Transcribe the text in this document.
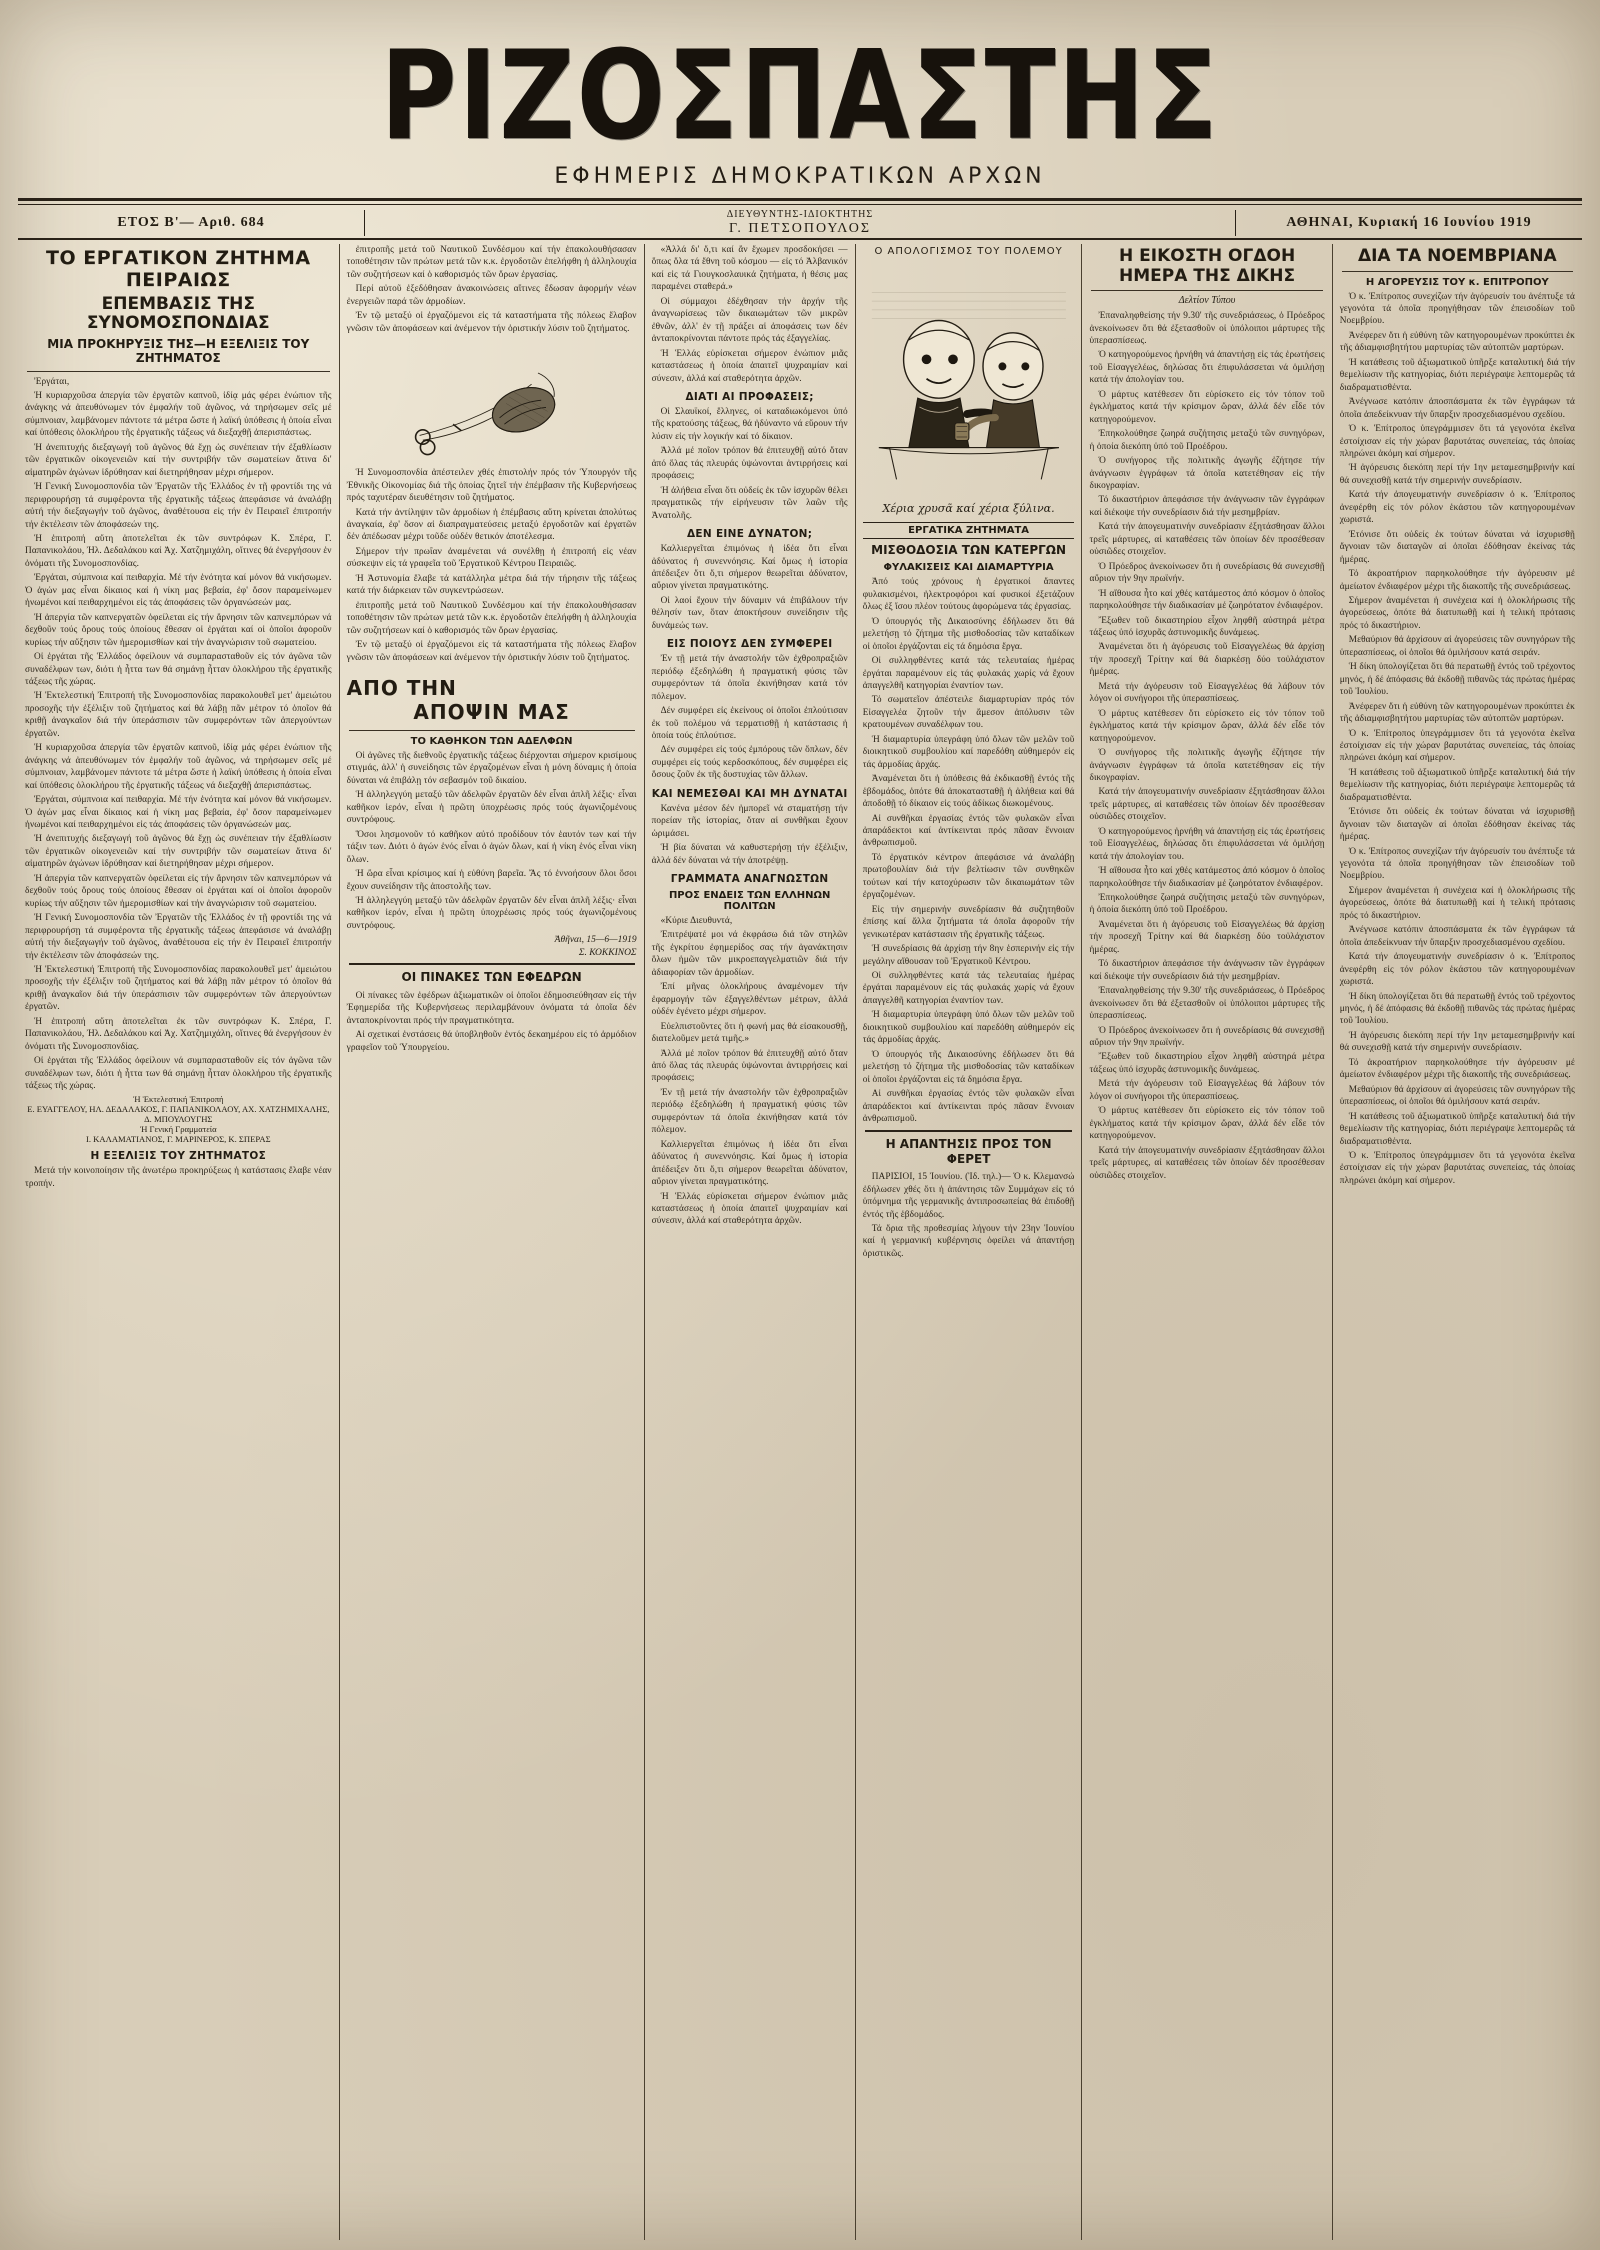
ΡΙΖΟΣΠΑΣΤΗΣ
ΕΦΗΜΕΡΙΣ ΔΗΜΟΚΡΑΤΙΚΩΝ ΑΡΧΩΝ
ΕΤΟΣ Β'— Αριθ. 684
ΔΙΕΥΘΥΝΤΗΣ-ΙΔΙΟΚΤΗΤΗΣ
Γ. ΠΕΤΣΟΠΟΥΛΟΣ	ΑΘΗΝΑΙ, Κυριακή 16 Ιουνίου 1919
ΤΟ ΕΡΓΑΤΙΚΟΝ ΖΗΤΗΜΑ ΠΕΙΡΑΙΩΣ
ΕΠΕΜΒΑΣΙΣ ΤΗΣ ΣΥΝΟΜΟΣΠΟΝΔΙΑΣ
ΜΙΑ ΠΡΟΚΗΡΥΞΙΣ ΤΗΣ—Η ΕΞΕΛΙΞΙΣ ΤΟΥ ΖΗΤΗΜΑΤΟΣ

'Εργάται,

Ἡ κυριαρχοῦσα ἀπεργία τῶν ἐργατῶν καπνοῦ, ἰδίᾳ μάς φέρει ἐνώπιον τῆς ἀνάγκης νά ἀπευθύνωμεν τόν ἐμφαλήν τοῦ ἀγῶνος, νά τηρήσωμεν σεῖς μέ σύμπνοιαν, λαμβάνομεν πάντοτε τά μέτρα ὥστε ἡ λαϊκή ὑπόθεσις ἡ ὁποία εἶναι καί ὑπόθεσις ὁλοκλήρου τῆς ἐργατικῆς τάξεως νά διεξαχθῇ ἀπερισπάστως.

Ἡ ἀνεπιτυχής διεξαγωγή τοῦ ἀγῶνος θά ἔχῃ ὡς συνέπειαν τήν ἐξαθλίωσιν τῶν ἐργατικῶν οἰκογενειῶν καί τήν συντριβήν τῶν σωματείων ἅτινα δι' αἱματηρῶν ἀγώνων ἱδρύθησαν καί διετηρήθησαν μέχρι σήμερον.

Ἡ Γενική Συνομοσπονδία τῶν Ἐργατῶν τῆς Ἑλλάδος ἐν τῇ φροντίδι της νά περιφρουρήσῃ τά συμφέροντα τῆς ἐργατικῆς τάξεως ἀπεφάσισε νά ἀναλάβῃ αὐτή τήν διεξαγωγήν τοῦ ἀγῶνος, ἀναθέτουσα εἰς τήν ἐν Πειραιεῖ ἐπιτροπήν τήν ἐκτέλεσιν τῶν ἀποφάσεών της.

Ἡ ἐπιτροπή αὕτη ἀποτελεῖται ἐκ τῶν συντρόφων Κ. Σπέρα, Γ. Παπανικολάου, Ἠλ. Δεδαλάκου καί Ἀχ. Χατζημιχάλη, οἵτινες θά ἐνεργήσουν ἐν ὀνόματι τῆς Συνομοσπονδίας.

Ἐργάται, σύμπνοια καί πειθαρχία. Μέ τήν ἑνότητα καί μόνον θά νικήσωμεν. Ὁ ἀγών μας εἶναι δίκαιος καί ἡ νίκη μας βεβαία, ἐφ' ὅσον παραμείνωμεν ἡνωμένοι καί πειθαρχημένοι εἰς τάς ἀποφάσεις τῶν ὀργανώσεών μας.

Ἡ ἀπεργία τῶν καπνεργατῶν ὀφείλεται εἰς τήν ἄρνησιν τῶν καπνεμπόρων νά δεχθοῦν τούς ὅρους τούς ὁποίους ἔθεσαν οἱ ἐργάται καί οἱ ὁποῖοι ἀφοροῦν κυρίως τήν αὔξησιν τῶν ἡμερομισθίων καί τήν ἀναγνώρισιν τοῦ σωματείου.

Οἱ ἐργάται τῆς Ἑλλάδος ὀφείλουν νά συμπαρασταθοῦν εἰς τόν ἀγῶνα τῶν συναδέλφων των, διότι ἡ ἧττα των θά σημάνῃ ἧτταν ὁλοκλήρου τῆς ἐργατικῆς τάξεως τῆς χώρας.

Ἡ Ἐκτελεστική Ἐπιτροπή τῆς Συνομοσπονδίας παρακολουθεῖ μετ' ἀμειώτου προσοχῆς τήν ἐξέλιξιν τοῦ ζητήματος καί θά λάβῃ πᾶν μέτρον τό ὁποῖον θά κριθῇ ἀναγκαῖον διά τήν ὑπεράσπισιν τῶν συμφερόντων τῶν ἀπεργούντων ἐργατῶν.

Ἡ κυριαρχοῦσα ἀπεργία τῶν ἐργατῶν καπνοῦ, ἰδίᾳ μάς φέρει ἐνώπιον τῆς ἀνάγκης νά ἀπευθύνωμεν τόν ἐμφαλήν τοῦ ἀγῶνος, νά τηρήσωμεν σεῖς μέ σύμπνοιαν, λαμβάνομεν πάντοτε τά μέτρα ὥστε ἡ λαϊκή ὑπόθεσις ἡ ὁποία εἶναι καί ὑπόθεσις ὁλοκλήρου τῆς ἐργατικῆς τάξεως νά διεξαχθῇ ἀπερισπάστως.

Ἐργάται, σύμπνοια καί πειθαρχία. Μέ τήν ἑνότητα καί μόνον θά νικήσωμεν. Ὁ ἀγών μας εἶναι δίκαιος καί ἡ νίκη μας βεβαία, ἐφ' ὅσον παραμείνωμεν ἡνωμένοι καί πειθαρχημένοι εἰς τάς ἀποφάσεις τῶν ὀργανώσεών μας.

Ἡ ἀνεπιτυχής διεξαγωγή τοῦ ἀγῶνος θά ἔχῃ ὡς συνέπειαν τήν ἐξαθλίωσιν τῶν ἐργατικῶν οἰκογενειῶν καί τήν συντριβήν τῶν σωματείων ἅτινα δι' αἱματηρῶν ἀγώνων ἱδρύθησαν καί διετηρήθησαν μέχρι σήμερον.

Ἡ ἀπεργία τῶν καπνεργατῶν ὀφείλεται εἰς τήν ἄρνησιν τῶν καπνεμπόρων νά δεχθοῦν τούς ὅρους τούς ὁποίους ἔθεσαν οἱ ἐργάται καί οἱ ὁποῖοι ἀφοροῦν κυρίως τήν αὔξησιν τῶν ἡμερομισθίων καί τήν ἀναγνώρισιν τοῦ σωματείου.

Ἡ Γενική Συνομοσπονδία τῶν Ἐργατῶν τῆς Ἑλλάδος ἐν τῇ φροντίδι της νά περιφρουρήσῃ τά συμφέροντα τῆς ἐργατικῆς τάξεως ἀπεφάσισε νά ἀναλάβῃ αὐτή τήν διεξαγωγήν τοῦ ἀγῶνος, ἀναθέτουσα εἰς τήν ἐν Πειραιεῖ ἐπιτροπήν τήν ἐκτέλεσιν τῶν ἀποφάσεών της.

Ἡ Ἐκτελεστική Ἐπιτροπή τῆς Συνομοσπονδίας παρακολουθεῖ μετ' ἀμειώτου προσοχῆς τήν ἐξέλιξιν τοῦ ζητήματος καί θά λάβῃ πᾶν μέτρον τό ὁποῖον θά κριθῇ ἀναγκαῖον διά τήν ὑπεράσπισιν τῶν συμφερόντων τῶν ἀπεργούντων ἐργατῶν.

Ἡ ἐπιτροπή αὕτη ἀποτελεῖται ἐκ τῶν συντρόφων Κ. Σπέρα, Γ. Παπανικολάου, Ἠλ. Δεδαλάκου καί Ἀχ. Χατζημιχάλη, οἵτινες θά ἐνεργήσουν ἐν ὀνόματι τῆς Συνομοσπονδίας.

Οἱ ἐργάται τῆς Ἑλλάδος ὀφείλουν νά συμπαρασταθοῦν εἰς τόν ἀγῶνα τῶν συναδέλφων των, διότι ἡ ἧττα των θά σημάνῃ ἧτταν ὁλοκλήρου τῆς ἐργατικῆς τάξεως τῆς χώρας.

Ἡ Ἐκτελεστική Ἐπιτροπή
Ε. ΕΥΑΓΓΕΛΟΥ, ΗΛ. ΔΕΔΑΛΑΚΟΣ, Γ. ΠΑΠΑΝΙΚΟΛΑΟΥ, ΑΧ. ΧΑΤΖΗΜΙΧΑΛΗΣ, Δ. ΜΠΟΥΛΟΥΓΗΣ
Ἡ Γενική Γραμματεία
Ι. ΚΑΛΑΜΑΤΙΑΝΟΣ, Γ. ΜΑΡΙΝΕΡΟΣ, Κ. ΣΠΕΡΑΣ
Η ΕΞΕΛΙΞΙΣ ΤΟΥ ΖΗΤΗΜΑΤΟΣ

Μετά τήν κοινοποίησιν τῆς ἀνωτέρω προκηρύξεως ἡ κατάστασις ἔλαβε νέαν τροπήν.

ἐπιτροπῆς μετά τοῦ Ναυτικοῦ Συνδέσμου καί τήν ἐπακολουθήσασαν τοποθέτησιν τῶν πρώτων μετά τῶν κ.κ. ἐργοδοτῶν ἐπελήφθη ἡ ἀλληλουχία τῶν συζητήσεων καί ὁ καθορισμός τῶν ὅρων ἐργασίας.

Περί αὐτοῦ ἐξεδόθησαν ἀνακοινώσεις αἵτινες ἔδωσαν ἀφορμήν νέων ἐνεργειῶν παρά τῶν ἁρμοδίων.

Ἐν τῷ μεταξύ οἱ ἐργαζόμενοι εἰς τά καταστήματα τῆς πόλεως ἔλαβον γνῶσιν τῶν ἀποφάσεων καί ἀνέμενον τήν ὁριστικήν λύσιν τοῦ ζητήματος.

Ἡ Συνομοσπονδία ἀπέστειλεν χθές ἐπιστολήν πρός τόν Ὑπουργόν τῆς Ἐθνικῆς Οἰκονομίας διά τῆς ὁποίας ζητεῖ τήν ἐπέμβασιν τῆς Κυβερνήσεως πρός ταχυτέραν διευθέτησιν τοῦ ζητήματος.

Κατά τήν ἀντίληψιν τῶν ἁρμοδίων ἡ ἐπέμβασις αὕτη κρίνεται ἀπολύτως ἀναγκαία, ἐφ' ὅσον αἱ διαπραγματεύσεις μεταξύ ἐργοδοτῶν καί ἐργατῶν δέν ἀπέδωσαν μέχρι τοῦδε οὐδέν θετικόν ἀποτέλεσμα.

Σήμερον τήν πρωΐαν ἀναμένεται νά συνέλθῃ ἡ ἐπιτροπή εἰς νέαν σύσκεψιν εἰς τά γραφεῖα τοῦ Ἐργατικοῦ Κέντρου Πειραιῶς.

Ἡ Ἀστυνομία ἔλαβε τά κατάλληλα μέτρα διά τήν τήρησιν τῆς τάξεως κατά τήν διάρκειαν τῶν συγκεντρώσεων.

ἐπιτροπῆς μετά τοῦ Ναυτικοῦ Συνδέσμου καί τήν ἐπακολουθήσασαν τοποθέτησιν τῶν πρώτων μετά τῶν κ.κ. ἐργοδοτῶν ἐπελήφθη ἡ ἀλληλουχία τῶν συζητήσεων καί ὁ καθορισμός τῶν ὅρων ἐργασίας.

Ἐν τῷ μεταξύ οἱ ἐργαζόμενοι εἰς τά καταστήματα τῆς πόλεως ἔλαβον γνῶσιν τῶν ἀποφάσεων καί ἀνέμενον τήν ὁριστικήν λύσιν τοῦ ζητήματος.

ΑΠΟ ΤΗΝ
ΑΠΟΨΙΝ ΜΑΣ
ΤΟ ΚΑΘΗΚΟΝ ΤΩΝ ΑΔΕΛΦΩΝ

Οἱ ἀγῶνες τῆς διεθνοῦς ἐργατικῆς τάξεως διέρχονται σήμερον κρισίμους στιγμάς, ἀλλ' ἡ συνείδησις τῶν ἐργαζομένων εἶναι ἡ μόνη δύναμις ἡ ὁποία δύναται νά ἐπιβάλῃ τόν σεβασμόν τοῦ δικαίου.

Ἡ ἀλληλεγγύη μεταξύ τῶν ἀδελφῶν ἐργατῶν δέν εἶναι ἁπλῆ λέξις· εἶναι καθῆκον ἱερόν, εἶναι ἡ πρῶτη ὑποχρέωσις πρός τούς ἀγωνιζομένους συντρόφους.

Ὅσοι λησμονοῦν τό καθῆκον αὐτό προδίδουν τόν ἑαυτόν των καί τήν τάξιν των. Διότι ὁ ἀγών ἑνός εἶναι ὁ ἀγών ὅλων, καί ἡ νίκη ἑνός εἶναι νίκη ὅλων.

Ἡ ὥρα εἶναι κρίσιμος καί ἡ εὐθύνη βαρεῖα. Ἄς τό ἐννοήσουν ὅλοι ὅσοι ἔχουν συνείδησιν τῆς ἀποστολῆς των.

Ἡ ἀλληλεγγύη μεταξύ τῶν ἀδελφῶν ἐργατῶν δέν εἶναι ἁπλῆ λέξις· εἶναι καθῆκον ἱερόν, εἶναι ἡ πρῶτη ὑποχρέωσις πρός τούς ἀγωνιζομένους συντρόφους.

Ἀθῆναι, 15—6—1919
Σ. ΚΟΚΚΙΝΟΣ
ΟΙ ΠΙΝΑΚΕΣ ΤΩΝ ΕΦΕΔΡΩΝ

Οἱ πίνακες τῶν ἐφέδρων ἀξιωματικῶν οἱ ὁποῖοι ἐδημοσιεύθησαν εἰς τήν Ἐφημερίδα τῆς Κυβερνήσεως περιλαμβάνουν ὀνόματα τά ὁποῖα δέν ἀνταποκρίνονται πρός τήν πραγματικότητα.

Αἱ σχετικαί ἐνστάσεις θά ὑποβληθοῦν ἐντός δεκαημέρου εἰς τό ἁρμόδιον γραφεῖον τοῦ Ὑπουργείου.

«Ἀλλά δι' ὅ,τι καί ἄν ἔχωμεν προσδοκήσει — ὅπως ὅλα τά ἔθνη τοῦ κόσμου — εἰς τό Ἀλβανικόν καί εἰς τά Γιουγκοσλαυικά ζητήματα, ἡ θέσις μας παραμένει σταθερά.»

Οἱ σύμμαχοι ἐδέχθησαν τήν ἀρχήν τῆς ἀναγνωρίσεως τῶν δικαιωμάτων τῶν μικρῶν ἐθνῶν, ἀλλ' ἐν τῇ πράξει αἱ ἀποφάσεις των δέν ἀνταποκρίνονται πάντοτε πρός τάς ἐξαγγελίας.

Ἡ Ἑλλάς εὑρίσκεται σήμερον ἐνώπιον μιᾶς καταστάσεως ἡ ὁποία ἀπαιτεῖ ψυχραιμίαν καί σύνεσιν, ἀλλά καί σταθερότητα ἀρχῶν.

ΔΙΑΤΙ ΑΙ ΠΡΟΦΑΣΕΙΣ;

Οἱ Σλαυϊκοί, ἕλληνες, οἱ καταδιωκόμενοι ὑπό τῆς κρατούσης τάξεως, θά ἠδύναντο νά εὕρουν τήν λύσιν εἰς τήν λογικήν καί τό δίκαιον.

Ἀλλά μέ ποῖον τρόπον θά ἐπιτευχθῇ αὐτό ὅταν ἀπό ὅλας τάς πλευράς ὑψώνονται ἀντιρρήσεις καί προφάσεις;

Ἡ ἀλήθεια εἶναι ὅτι οὐδείς ἐκ τῶν ἰσχυρῶν θέλει πραγματικῶς τήν εἰρήνευσιν τῶν λαῶν τῆς Ἀνατολῆς.

ΔΕΝ ΕΙΝΕ ΔΥΝΑΤΟΝ;

Καλλιεργεῖται ἐπιμόνως ἡ ἰδέα ὅτι εἶναι ἀδύνατος ἡ συνεννόησις. Καί ὅμως ἡ ἱστορία ἀπέδειξεν ὅτι ὅ,τι σήμερον θεωρεῖται ἀδύνατον, αὔριον γίνεται πραγματικότης.

Οἱ λαοί ἔχουν τήν δύναμιν νά ἐπιβάλουν τήν θέλησίν των, ὅταν ἀποκτήσουν συνείδησιν τῆς δυνάμεώς των.

ΕΙΣ ΠΟΙΟΥΣ ΔΕΝ ΣΥΜΦΕΡΕΙ

Ἐν τῇ μετά τήν ἀναστολήν τῶν ἐχθροπραξιῶν περιόδῳ ἐξεδηλώθη ἡ πραγματική φύσις τῶν συμφερόντων τά ὁποῖα ἐκινήθησαν κατά τόν πόλεμον.

Δέν συμφέρει εἰς ἐκείνους οἱ ὁποῖοι ἐπλούτισαν ἐκ τοῦ πολέμου νά τερματισθῇ ἡ κατάστασις ἡ ὁποία τούς ἐπλούτισε.

Δέν συμφέρει εἰς τούς ἐμπόρους τῶν ὅπλων, δέν συμφέρει εἰς τούς κερδοσκόπους, δέν συμφέρει εἰς ὅσους ζοῦν ἐκ τῆς δυστυχίας τῶν ἄλλων.

ΚΑΙ ΝΕΜΕΣΘΑΙ ΚΑΙ ΜΗ ΔΥΝΑΤΑΙ

Κανένα μέσον δέν ἠμπορεῖ νά σταματήσῃ τήν πορείαν τῆς ἱστορίας, ὅταν αἱ συνθῆκαι ἔχουν ὡριμάσει.

Ἡ βία δύναται νά καθυστερήσῃ τήν ἐξέλιξιν, ἀλλά δέν δύναται νά τήν ἀποτρέψῃ.

ΓΡΑΜΜΑΤΑ ΑΝΑΓΝΩΣΤΩΝ
ΠΡΟΣ ΕΝΔΕΙΣ ΤΩΝ ΕΛΛΗΝΩΝ ΠΟΛΙΤΩΝ

«Κύριε Διευθυντά,

Ἐπιτρέψατέ μοι νά ἐκφράσω διά τῶν στηλῶν τῆς ἐγκρίτου ἐφημερίδος σας τήν ἀγανάκτησιν ὅλων ἡμῶν τῶν μικροεπαγγελματιῶν διά τήν ἀδιαφορίαν τῶν ἁρμοδίων.

Ἐπί μῆνας ὁλοκλήρους ἀναμένομεν τήν ἐφαρμογήν τῶν ἐξαγγελθέντων μέτρων, ἀλλά οὐδέν ἐγένετο μέχρι σήμερον.

Εὐελπιστοῦντες ὅτι ἡ φωνή μας θά εἰσακουσθῇ, διατελοῦμεν μετά τιμῆς.»

Ἀλλά μέ ποῖον τρόπον θά ἐπιτευχθῇ αὐτό ὅταν ἀπό ὅλας τάς πλευράς ὑψώνονται ἀντιρρήσεις καί προφάσεις;

Ἐν τῇ μετά τήν ἀναστολήν τῶν ἐχθροπραξιῶν περιόδῳ ἐξεδηλώθη ἡ πραγματική φύσις τῶν συμφερόντων τά ὁποῖα ἐκινήθησαν κατά τόν πόλεμον.

Καλλιεργεῖται ἐπιμόνως ἡ ἰδέα ὅτι εἶναι ἀδύνατος ἡ συνεννόησις. Καί ὅμως ἡ ἱστορία ἀπέδειξεν ὅτι ὅ,τι σήμερον θεωρεῖται ἀδύνατον, αὔριον γίνεται πραγματικότης.

Ἡ Ἑλλάς εὑρίσκεται σήμερον ἐνώπιον μιᾶς καταστάσεως ἡ ὁποία ἀπαιτεῖ ψυχραιμίαν καί σύνεσιν, ἀλλά καί σταθερότητα ἀρχῶν.

Ο ΑΠΟΛΟΓΙΣΜΟΣ ΤΟΥ ΠΟΛΕΜΟΥ
Χέρια χρυσᾶ καί χέρια ξύλινα.
ΕΡΓΑΤΙΚΑ ΖΗΤΗΜΑΤΑ
ΜΙΣΘΟΔΟΣΙΑ ΤΩΝ ΚΑΤΕΡΓΩΝ
ΦΥΛΑΚΙΣΕΙΣ ΚΑΙ ΔΙΑΜΑΡΤΥΡΙΑ

Ἀπό τούς χρόνους ἡ ἐργατικοί ἅπαντες φυλακισμένοι, ἠλεκτροφόροι καί φυσικοί ἐξετάζουν ὅλως ἐξ ἴσου πλέον τούτους ἀφορώμενα τάς ἐργασίας.

Ὁ ὑπουργός τῆς Δικαιοσύνης ἐδήλωσεν ὅτι θά μελετήσῃ τό ζήτημα τῆς μισθοδοσίας τῶν καταδίκων οἱ ὁποῖοι ἐργάζονται εἰς τά δημόσια ἔργα.

Οἱ συλληφθέντες κατά τάς τελευταίας ἡμέρας ἐργάται παραμένουν εἰς τάς φυλακάς χωρίς νά ἔχουν ἀπαγγελθῆ κατηγορίαι ἐναντίον των.

Τό σωματεῖον ἀπέστειλε διαμαρτυρίαν πρός τόν Εἰσαγγελέα ζητοῦν τήν ἄμεσον ἀπόλυσιν τῶν κρατουμένων συναδέλφων του.

Ἡ διαμαρτυρία ὑπεγράφη ὑπό ὅλων τῶν μελῶν τοῦ διοικητικοῦ συμβουλίου καί παρεδόθη αὐθημερόν εἰς τάς ἁρμοδίας ἀρχάς.

Ἀναμένεται ὅτι ἡ ὑπόθεσις θά ἐκδικασθῇ ἐντός τῆς ἑβδομάδος, ὁπότε θά ἀποκατασταθῇ ἡ ἀλήθεια καί θά ἀποδοθῇ τό δίκαιον εἰς τούς ἀδίκως διωκομένους.

Αἱ συνθῆκαι ἐργασίας ἐντός τῶν φυλακῶν εἶναι ἀπαράδεκτοι καί ἀντίκεινται πρός πᾶσαν ἔννοιαν ἀνθρωπισμοῦ.

Τό ἐργατικόν κέντρον ἀπεφάσισε νά ἀναλάβῃ πρωτοβουλίαν διά τήν βελτίωσιν τῶν συνθηκῶν τούτων καί τήν κατοχύρωσιν τῶν δικαιωμάτων τῶν ἐργαζομένων.

Εἰς τήν σημερινήν συνεδρίασιν θά συζητηθοῦν ἐπίσης καί ἄλλα ζητήματα τά ὁποῖα ἀφοροῦν τήν γενικωτέραν κατάστασιν τῆς ἐργατικῆς τάξεως.

Ἡ συνεδρίασις θά ἀρχίσῃ τήν 8ην ἑσπερινήν εἰς τήν μεγάλην αἴθουσαν τοῦ Ἐργατικοῦ Κέντρου.

Οἱ συλληφθέντες κατά τάς τελευταίας ἡμέρας ἐργάται παραμένουν εἰς τάς φυλακάς χωρίς νά ἔχουν ἀπαγγελθῆ κατηγορίαι ἐναντίον των.

Ἡ διαμαρτυρία ὑπεγράφη ὑπό ὅλων τῶν μελῶν τοῦ διοικητικοῦ συμβουλίου καί παρεδόθη αὐθημερόν εἰς τάς ἁρμοδίας ἀρχάς.

Ὁ ὑπουργός τῆς Δικαιοσύνης ἐδήλωσεν ὅτι θά μελετήσῃ τό ζήτημα τῆς μισθοδοσίας τῶν καταδίκων οἱ ὁποῖοι ἐργάζονται εἰς τά δημόσια ἔργα.

Αἱ συνθῆκαι ἐργασίας ἐντός τῶν φυλακῶν εἶναι ἀπαράδεκτοι καί ἀντίκεινται πρός πᾶσαν ἔννοιαν ἀνθρωπισμοῦ.

Η ΑΠΑΝΤΗΣΙΣ ΠΡΟΣ ΤΟΝ ΦΕΡΕΤ

ΠΑΡΙΣΙΟΙ, 15 Ἰουνίου. (Ἰδ. τηλ.)— Ὁ κ. Κλεμανσώ ἐδήλωσεν χθές ὅτι ἡ ἀπάντησις τῶν Συμμάχων εἰς τό ὑπόμνημα τῆς γερμανικῆς ἀντιπροσωπείας θά ἐπιδοθῇ ἐντός τῆς ἑβδομάδος.

Τά ὅρια τῆς προθεσμίας λήγουν τήν 23ην Ἰουνίου καί ἡ γερμανική κυβέρνησις ὀφείλει νά ἀπαντήσῃ ὁριστικῶς.

Η ΕΙΚΟΣΤΗ ΟΓΔΟΗ ΗΜΕΡΑ ΤΗΣ ΔΙΚΗΣ
Δελτίον Τύπου

Ἐπαναληφθείσης τήν 9.30' τῆς συνεδριάσεως, ὁ Πρόεδρος ἀνεκοίνωσεν ὅτι θά ἐξετασθοῦν οἱ ὑπόλοιποι μάρτυρες τῆς ὑπερασπίσεως.

Ὁ κατηγορούμενος ἠρνήθη νά ἀπαντήσῃ εἰς τάς ἐρωτήσεις τοῦ Εἰσαγγελέως, δηλώσας ὅτι ἐπιφυλάσσεται νά ὁμιλήσῃ κατά τήν ἀπολογίαν του.

Ὁ μάρτυς κατέθεσεν ὅτι εὑρίσκετο εἰς τόν τόπον τοῦ ἐγκλήματος κατά τήν κρίσιμον ὥραν, ἀλλά δέν εἶδε τόν κατηγορούμενον.

Ἐπηκολούθησε ζωηρά συζήτησις μεταξύ τῶν συνηγόρων, ἡ ὁποία διεκόπη ὑπό τοῦ Προέδρου.

Ὁ συνήγορος τῆς πολιτικῆς ἀγωγῆς ἐζήτησε τήν ἀνάγνωσιν ἐγγράφων τά ὁποῖα κατετέθησαν εἰς τήν δικογραφίαν.

Τό δικαστήριον ἀπεφάσισε τήν ἀνάγνωσιν τῶν ἐγγράφων καί διέκοψε τήν συνεδρίασιν διά τήν μεσημβρίαν.

Κατά τήν ἀπογευματινήν συνεδρίασιν ἐξητάσθησαν ἄλλοι τρεῖς μάρτυρες, αἱ καταθέσεις τῶν ὁποίων δέν προσέθεσαν οὐσιῶδες στοιχεῖον.

Ὁ Πρόεδρος ἀνεκοίνωσεν ὅτι ἡ συνεδρίασις θά συνεχισθῇ αὔριον τήν 9ην πρωϊνήν.

Ἡ αἴθουσα ἦτο καί χθές κατάμεστος ἀπό κόσμον ὁ ὁποῖος παρηκολούθησε τήν διαδικασίαν μέ ζωηρότατον ἐνδιαφέρον.

Ἔξωθεν τοῦ δικαστηρίου εἶχον ληφθῆ αὐστηρά μέτρα τάξεως ὑπό ἰσχυρᾶς ἀστυνομικῆς δυνάμεως.

Ἀναμένεται ὅτι ἡ ἀγόρευσις τοῦ Εἰσαγγελέως θά ἀρχίσῃ τήν προσεχῆ Τρίτην καί θά διαρκέσῃ δύο τοὐλάχιστον ἡμέρας.

Μετά τήν ἀγόρευσιν τοῦ Εἰσαγγελέως θά λάβουν τόν λόγον οἱ συνήγοροι τῆς ὑπερασπίσεως.

Ὁ μάρτυς κατέθεσεν ὅτι εὑρίσκετο εἰς τόν τόπον τοῦ ἐγκλήματος κατά τήν κρίσιμον ὥραν, ἀλλά δέν εἶδε τόν κατηγορούμενον.

Ὁ συνήγορος τῆς πολιτικῆς ἀγωγῆς ἐζήτησε τήν ἀνάγνωσιν ἐγγράφων τά ὁποῖα κατετέθησαν εἰς τήν δικογραφίαν.

Κατά τήν ἀπογευματινήν συνεδρίασιν ἐξητάσθησαν ἄλλοι τρεῖς μάρτυρες, αἱ καταθέσεις τῶν ὁποίων δέν προσέθεσαν οὐσιῶδες στοιχεῖον.

Ὁ κατηγορούμενος ἠρνήθη νά ἀπαντήσῃ εἰς τάς ἐρωτήσεις τοῦ Εἰσαγγελέως, δηλώσας ὅτι ἐπιφυλάσσεται νά ὁμιλήσῃ κατά τήν ἀπολογίαν του.

Ἡ αἴθουσα ἦτο καί χθές κατάμεστος ἀπό κόσμον ὁ ὁποῖος παρηκολούθησε τήν διαδικασίαν μέ ζωηρότατον ἐνδιαφέρον.

Ἐπηκολούθησε ζωηρά συζήτησις μεταξύ τῶν συνηγόρων, ἡ ὁποία διεκόπη ὑπό τοῦ Προέδρου.

Ἀναμένεται ὅτι ἡ ἀγόρευσις τοῦ Εἰσαγγελέως θά ἀρχίσῃ τήν προσεχῆ Τρίτην καί θά διαρκέσῃ δύο τοὐλάχιστον ἡμέρας.

Τό δικαστήριον ἀπεφάσισε τήν ἀνάγνωσιν τῶν ἐγγράφων καί διέκοψε τήν συνεδρίασιν διά τήν μεσημβρίαν.

Ἐπαναληφθείσης τήν 9.30' τῆς συνεδριάσεως, ὁ Πρόεδρος ἀνεκοίνωσεν ὅτι θά ἐξετασθοῦν οἱ ὑπόλοιποι μάρτυρες τῆς ὑπερασπίσεως.

Ὁ Πρόεδρος ἀνεκοίνωσεν ὅτι ἡ συνεδρίασις θά συνεχισθῇ αὔριον τήν 9ην πρωϊνήν.

Ἔξωθεν τοῦ δικαστηρίου εἶχον ληφθῆ αὐστηρά μέτρα τάξεως ὑπό ἰσχυρᾶς ἀστυνομικῆς δυνάμεως.

Μετά τήν ἀγόρευσιν τοῦ Εἰσαγγελέως θά λάβουν τόν λόγον οἱ συνήγοροι τῆς ὑπερασπίσεως.

Ὁ μάρτυς κατέθεσεν ὅτι εὑρίσκετο εἰς τόν τόπον τοῦ ἐγκλήματος κατά τήν κρίσιμον ὥραν, ἀλλά δέν εἶδε τόν κατηγορούμενον.

Κατά τήν ἀπογευματινήν συνεδρίασιν ἐξητάσθησαν ἄλλοι τρεῖς μάρτυρες, αἱ καταθέσεις τῶν ὁποίων δέν προσέθεσαν οὐσιῶδες στοιχεῖον.

ΔΙΑ ΤΑ ΝΟΕΜΒΡΙΑΝΑ
Η ΑΓΟΡΕΥΣΙΣ ΤΟΥ κ. ΕΠΙΤΡΟΠΟΥ

Ὁ κ. Ἐπίτροπος συνεχίζων τήν ἀγόρευσίν του ἀνέπτυξε τά γεγονότα τά ὁποῖα προηγήθησαν τῶν ἐπεισοδίων τοῦ Νοεμβρίου.

Ἀνέφερεν ὅτι ἡ εὐθύνη τῶν κατηγορουμένων προκύπτει ἐκ τῆς ἀδιαμφισβητήτου μαρτυρίας τῶν αὐτοπτῶν μαρτύρων.

Ἡ κατάθεσις τοῦ ἀξιωματικοῦ ὑπῆρξε καταλυτική διά τήν θεμελίωσιν τῆς κατηγορίας, διότι περιέγραψε λεπτομερῶς τά διαδραματισθέντα.

Ἀνέγνωσε κατόπιν ἀποσπάσματα ἐκ τῶν ἐγγράφων τά ὁποῖα ἀπεδείκνυαν τήν ὕπαρξιν προσχεδιασμένου σχεδίου.

Ὁ κ. Ἐπίτροπος ὑπεγράμμισεν ὅτι τά γεγονότα ἐκεῖνα ἐστοίχισαν εἰς τήν χώραν βαρυτάτας συνεπείας, τάς ὁποίας πληρώνει ἀκόμη καί σήμερον.

Ἡ ἀγόρευσις διεκόπη περί τήν 1ην μεταμεσημβρινήν καί θά συνεχισθῇ κατά τήν σημερινήν συνεδρίασιν.

Κατά τήν ἀπογευματινήν συνεδρίασιν ὁ κ. Ἐπίτροπος ἀνεφέρθη εἰς τόν ρόλον ἑκάστου τῶν κατηγορουμένων χωριστά.

Ἐτόνισε ὅτι οὐδείς ἐκ τούτων δύναται νά ἰσχυρισθῇ ἄγνοιαν τῶν διαταγῶν αἱ ὁποῖαι ἐδόθησαν ἐκείνας τάς ἡμέρας.

Τό ἀκροατήριον παρηκολούθησε τήν ἀγόρευσιν μέ ἀμείωτον ἐνδιαφέρον μέχρι τῆς διακοπῆς τῆς συνεδριάσεως.

Σήμερον ἀναμένεται ἡ συνέχεια καί ἡ ὁλοκλήρωσις τῆς ἀγορεύσεως, ὁπότε θά διατυπωθῇ καί ἡ τελική πρότασις πρός τό δικαστήριον.

Μεθαύριον θά ἀρχίσουν αἱ ἀγορεύσεις τῶν συνηγόρων τῆς ὑπερασπίσεως, οἱ ὁποῖοι θά ὁμιλήσουν κατά σειράν.

Ἡ δίκη ὑπολογίζεται ὅτι θά περατωθῇ ἐντός τοῦ τρέχοντος μηνός, ἡ δέ ἀπόφασις θά ἐκδοθῇ πιθανῶς τάς πρώτας ἡμέρας τοῦ Ἰουλίου.

Ἀνέφερεν ὅτι ἡ εὐθύνη τῶν κατηγορουμένων προκύπτει ἐκ τῆς ἀδιαμφισβητήτου μαρτυρίας τῶν αὐτοπτῶν μαρτύρων.

Ὁ κ. Ἐπίτροπος ὑπεγράμμισεν ὅτι τά γεγονότα ἐκεῖνα ἐστοίχισαν εἰς τήν χώραν βαρυτάτας συνεπείας, τάς ὁποίας πληρώνει ἀκόμη καί σήμερον.

Ἡ κατάθεσις τοῦ ἀξιωματικοῦ ὑπῆρξε καταλυτική διά τήν θεμελίωσιν τῆς κατηγορίας, διότι περιέγραψε λεπτομερῶς τά διαδραματισθέντα.

Ἐτόνισε ὅτι οὐδείς ἐκ τούτων δύναται νά ἰσχυρισθῇ ἄγνοιαν τῶν διαταγῶν αἱ ὁποῖαι ἐδόθησαν ἐκείνας τάς ἡμέρας.

Ὁ κ. Ἐπίτροπος συνεχίζων τήν ἀγόρευσίν του ἀνέπτυξε τά γεγονότα τά ὁποῖα προηγήθησαν τῶν ἐπεισοδίων τοῦ Νοεμβρίου.

Σήμερον ἀναμένεται ἡ συνέχεια καί ἡ ὁλοκλήρωσις τῆς ἀγορεύσεως, ὁπότε θά διατυπωθῇ καί ἡ τελική πρότασις πρός τό δικαστήριον.

Ἀνέγνωσε κατόπιν ἀποσπάσματα ἐκ τῶν ἐγγράφων τά ὁποῖα ἀπεδείκνυαν τήν ὕπαρξιν προσχεδιασμένου σχεδίου.

Κατά τήν ἀπογευματινήν συνεδρίασιν ὁ κ. Ἐπίτροπος ἀνεφέρθη εἰς τόν ρόλον ἑκάστου τῶν κατηγορουμένων χωριστά.

Ἡ δίκη ὑπολογίζεται ὅτι θά περατωθῇ ἐντός τοῦ τρέχοντος μηνός, ἡ δέ ἀπόφασις θά ἐκδοθῇ πιθανῶς τάς πρώτας ἡμέρας τοῦ Ἰουλίου.

Ἡ ἀγόρευσις διεκόπη περί τήν 1ην μεταμεσημβρινήν καί θά συνεχισθῇ κατά τήν σημερινήν συνεδρίασιν.

Τό ἀκροατήριον παρηκολούθησε τήν ἀγόρευσιν μέ ἀμείωτον ἐνδιαφέρον μέχρι τῆς διακοπῆς τῆς συνεδριάσεως.

Μεθαύριον θά ἀρχίσουν αἱ ἀγορεύσεις τῶν συνηγόρων τῆς ὑπερασπίσεως, οἱ ὁποῖοι θά ὁμιλήσουν κατά σειράν.

Ἡ κατάθεσις τοῦ ἀξιωματικοῦ ὑπῆρξε καταλυτική διά τήν θεμελίωσιν τῆς κατηγορίας, διότι περιέγραψε λεπτομερῶς τά διαδραματισθέντα.

Ὁ κ. Ἐπίτροπος ὑπεγράμμισεν ὅτι τά γεγονότα ἐκεῖνα ἐστοίχισαν εἰς τήν χώραν βαρυτάτας συνεπείας, τάς ὁποίας πληρώνει ἀκόμη καί σήμερον.
